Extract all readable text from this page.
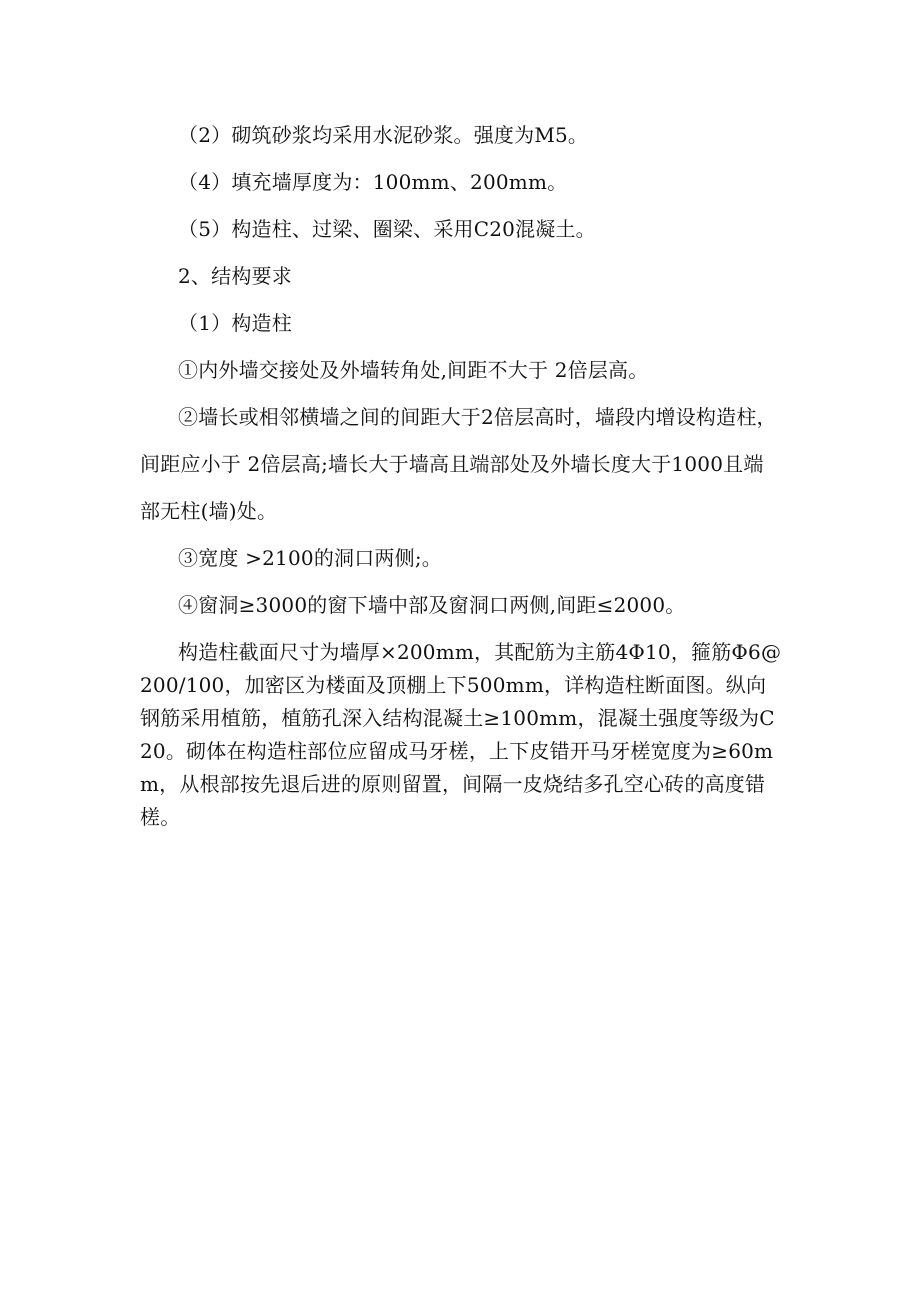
（2）砌筑砂浆均采用水泥砂浆。强度为M5。

（4）填充墙厚度为：100mm、200mm。

（5）构造柱、过梁、圈梁、采用C20混凝土。

2、结构要求

（1）构造柱

①内外墙交接处及外墙转角处,间距不大于 2倍层高。

②墙长或相邻横墙之间的间距大于2倍层高时，墙段内增设构造柱，间距应小于 2倍层高;墙长大于墙高且端部处及外墙长度大于1000且端部无柱(墙)处。

③宽度 >2100的洞口两侧;。

④窗洞≥3000的窗下墙中部及窗洞口两侧,间距≤2000。

构造柱截面尺寸为墙厚×200mm，其配筋为主筋4Φ10，箍筋Φ6@200/100，加密区为楼面及顶棚上下500mm，详构造柱断面图。纵向钢筋采用植筋，植筋孔深入结构混凝土≥100mm，混凝土强度等级为C20。砌体在构造柱部位应留成马牙槎，上下皮错开马牙槎宽度为≥60mm，从根部按先退后进的原则留置，间隔一皮烧结多孔空心砖的高度错槎。
